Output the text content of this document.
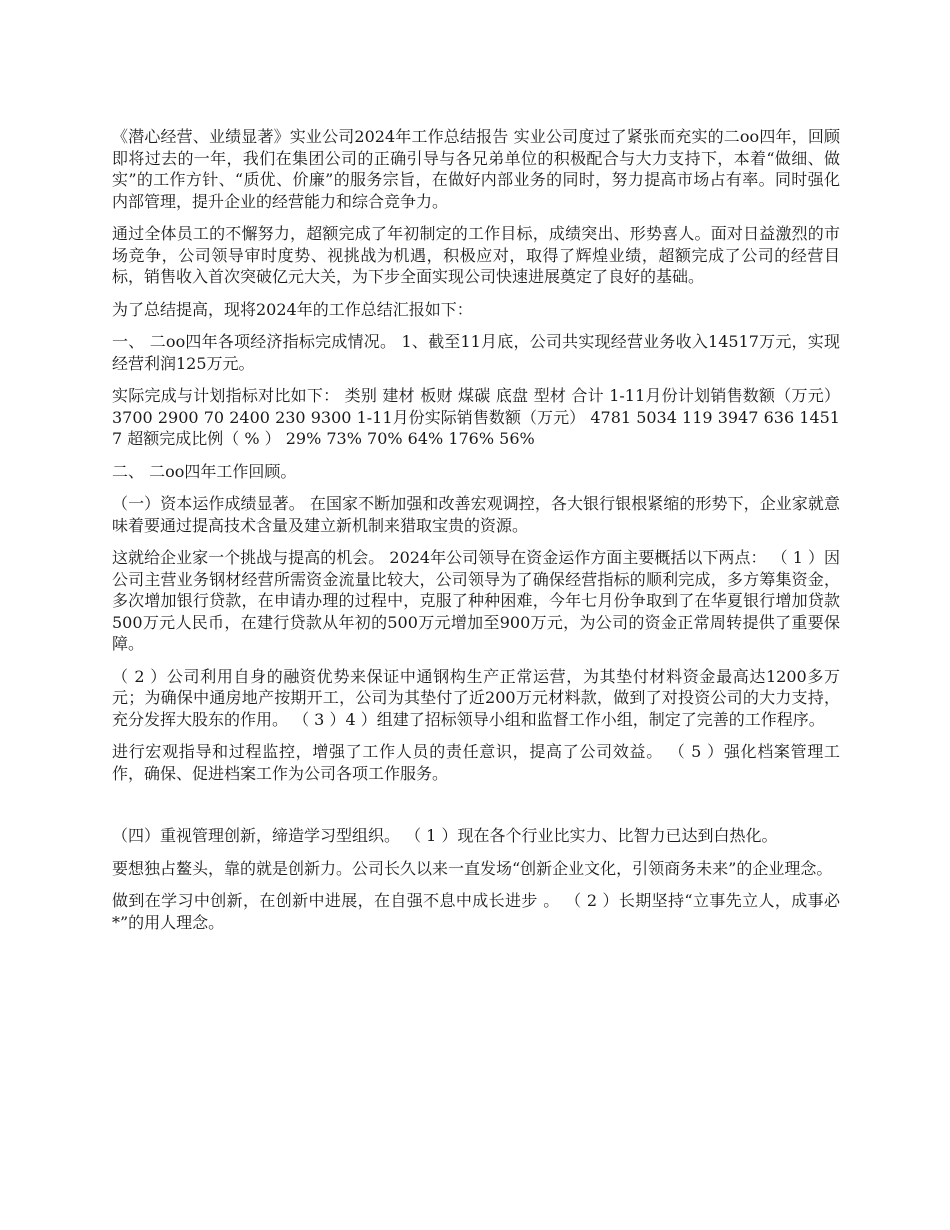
《潜心经营、业绩显著》实业公司2024年工作总结报告 实业公司度过了紧张而充实的二oo四年，回顾即将过去的一年，我们在集团公司的正确引导与各兄弟单位的积极配合与大力支持下，本着“做细、做实”的工作方针、“质优、价廉”的服务宗旨，在做好内部业务的同时，努力提高市场占有率。同时强化内部管理，提升企业的经营能力和综合竞争力。

通过全体员工的不懈努力，超额完成了年初制定的工作目标，成绩突出、形势喜人。面对日益激烈的市场竞争，公司领导审时度势、视挑战为机遇，积极应对，取得了辉煌业绩，超额完成了公司的经营目标，销售收入首次突破亿元大关，为下步全面实现公司快速进展奠定了良好的基础。

为了总结提高，现将2024年的工作总结汇报如下：

一、 二oo四年各项经济指标完成情况。 1、截至11月底，公司共实现经营业务收入14517万元，实现经营利润125万元。

实际完成与计划指标对比如下： 类别 建材 板财 煤碳 底盘 型材 合计 1-11月份计划销售数额（万元） 3700 2900 70 2400 230 9300 1-11月份实际销售数额（万元） 4781 5034 119 3947 636 14517 超额完成比例（ % ） 29% 73% 70% 64% 176% 56%

二、 二oo四年工作回顾。

（一）资本运作成绩显著。 在国家不断加强和改善宏观调控，各大银行银根紧缩的形势下，企业家就意味着要通过提高技术含量及建立新机制来猎取宝贵的资源。

这就给企业家一个挑战与提高的机会。 2024年公司领导在资金运作方面主要概括以下两点： （ 1 ）因公司主营业务钢材经营所需资金流量比较大，公司领导为了确保经营指标的顺利完成，多方筹集资金，多次增加银行贷款，在申请办理的过程中，克服了种种困难，今年七月份争取到了在华夏银行增加贷款500万元人民币，在建行贷款从年初的500万元增加至900万元，为公司的资金正常周转提供了重要保障。

（ 2 ）公司利用自身的融资优势来保证中通钢构生产正常运营，为其垫付材料资金最高达1200多万元；为确保中通房地产按期开工，公司为其垫付了近200万元材料款，做到了对投资公司的大力支持，充分发挥大股东的作用。 （ 3 ）4 ）组建了招标领导小组和监督工作小组，制定了完善的工作程序。

进行宏观指导和过程监控，增强了工作人员的责任意识，提高了公司效益。 （ 5 ）强化档案管理工作，确保、促进档案工作为公司各项工作服务。

（四）重视管理创新，缔造学习型组织。 （ 1 ）现在各个行业比实力、比智力已达到白热化。

要想独占鳌头，靠的就是创新力。公司长久以来一直发场“创新企业文化，引领商务未来”的企业理念。

做到在学习中创新，在创新中进展，在自强不息中成长进步 。 （ 2 ）长期坚持“立事先立人，成事必*”的用人理念。
